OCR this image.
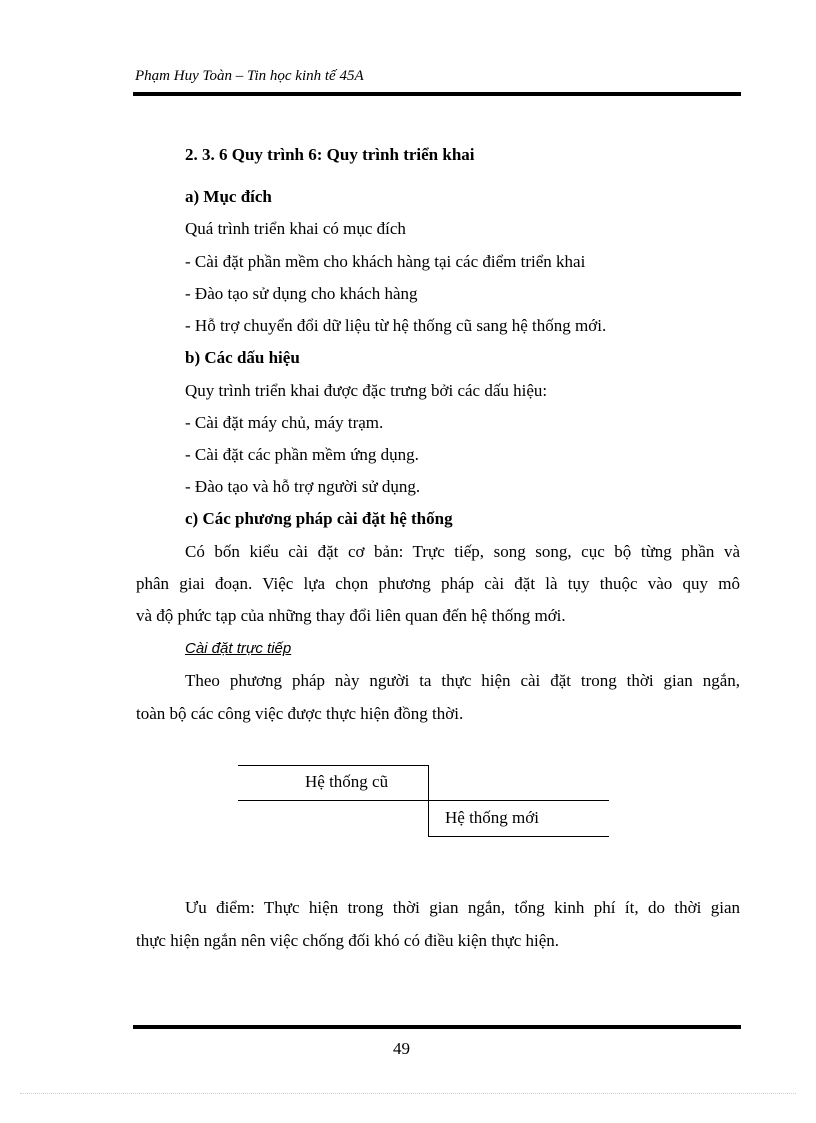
Phạm Huy Toàn – Tin học kinh tế 45A
2. 3. 6 Quy trình 6: Quy trình triển khai
a) Mục đích
Quá trình triển khai có mục đích
- Cài đặt phần mềm cho khách hàng tại các điểm triển khai
- Đào tạo sử dụng cho khách hàng
- Hỗ trợ chuyển đổi dữ liệu từ hệ thống cũ sang hệ thống mới.
b) Các dấu hiệu
Quy trình triển khai được đặc trưng bởi các dấu hiệu:
- Cài đặt máy chủ, máy trạm.
- Cài đặt các phần mềm ứng dụng.
- Đào tạo và hỗ trợ người sử dụng.
c) Các phương pháp cài đặt hệ thống
Có bốn kiểu cài đặt cơ bản: Trực tiếp, song song, cục bộ từng phần và
phân giai đoạn. Việc lựa chọn phương pháp cài đặt là tụy thuộc vào quy mô
và độ phức tạp của những thay đổi liên quan đến hệ thống mới.
Cài đặt trực tiếp
Theo phương pháp này người ta thực hiện cài đặt trong thời gian ngắn,
toàn bộ các công việc được thực hiện đồng thời.
Hệ thống cũ
Hệ thống mới
Ưu điểm: Thực hiện trong thời gian ngắn, tổng kinh phí ít, do thời gian
thực hiện ngắn nên việc chống đối khó có điều kiện thực hiện.
49
